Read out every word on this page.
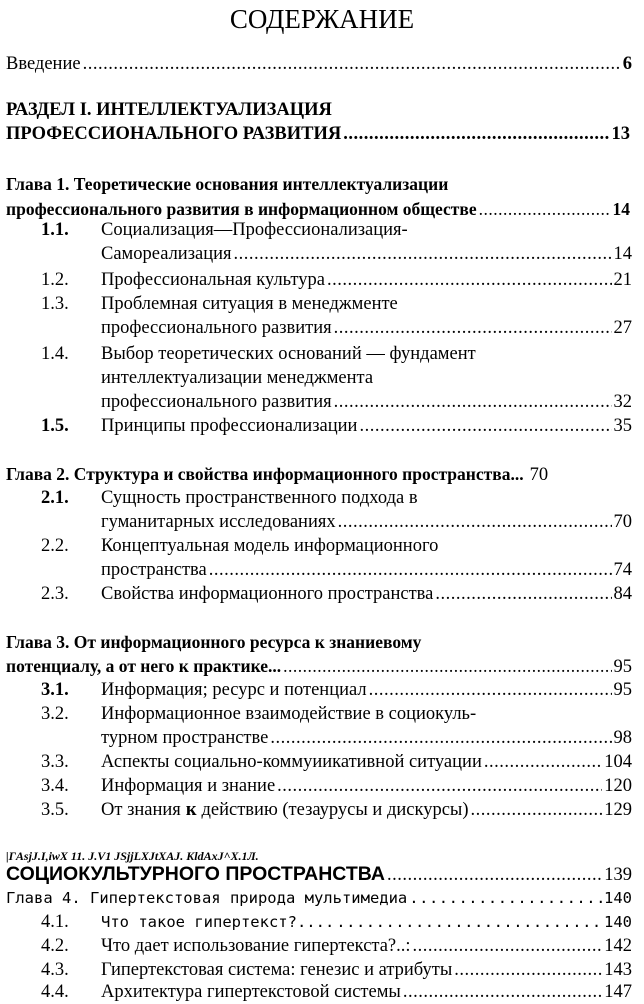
СОДЕРЖАНИЕ
Введение .....	6
РАЗДЕЛ I. ИНТЕЛЛЕКТУАЛИЗАЦИЯ
ПРОФЕССИОНАЛЬНОГО РАЗВИТИЯ .....	13
Глава 1. Теоретические основания интеллектуализации
профессионального развития в информационном обществе .....	14
1.1.	Социализация—Профессионализация-
Самореализация .....	14
1.2.	Профессиональная культура .....	21
1.3.	Проблемная ситуация в менеджменте
профессионального развития .....	27
1.4.	Выбор теоретических оснований — фундамент
интеллектуализации менеджмента
профессионального развития .....	32
1.5.	Принципы профессионализации .....	35
Глава 2. Структура и свойства информационного пространства... 70
2.1.	Сущность пространственного подхода в
гуманитарных исследованиях .....	70
2.2.	Концептуальная модель информационного
пространства .....	74
2.3.	Свойства информационного пространства .....	84
Глава 3. От информационного ресурса к знаниевому
потенциалу, а от него к практике... .....	95
3.1.	Информация; ресурс и потенциал .....	95
3.2.	Информационное взаимодействие в социокуль-
турном пространстве .....	98
3.3.	Аспекты социально-коммуиикативной ситуации .....	104
3.4.	Информация и знание .....	120
3.5.	От знания к действию (тезаурусы и дискурсы) .....	129
|ГAsjJ.I,iwX 11. J.V1 JSjjLXJtXAJ. KldAxJ^X.1Л.
СОЦИОКУЛЬТУРНОГО ПРОСТРАНСТВА .....	139
Глава 4. Гипертекстовая природа мультимедиа .....	140
4.1.	Что такое гипертекст?.... .....	140
4.2.	Что дает использование гипертекста?..: .....	142
4.3.	Гипертекстовая система: генезис и атрибуты .....	143
4.4.	Архитектура гипертекстовой системы .....	147
